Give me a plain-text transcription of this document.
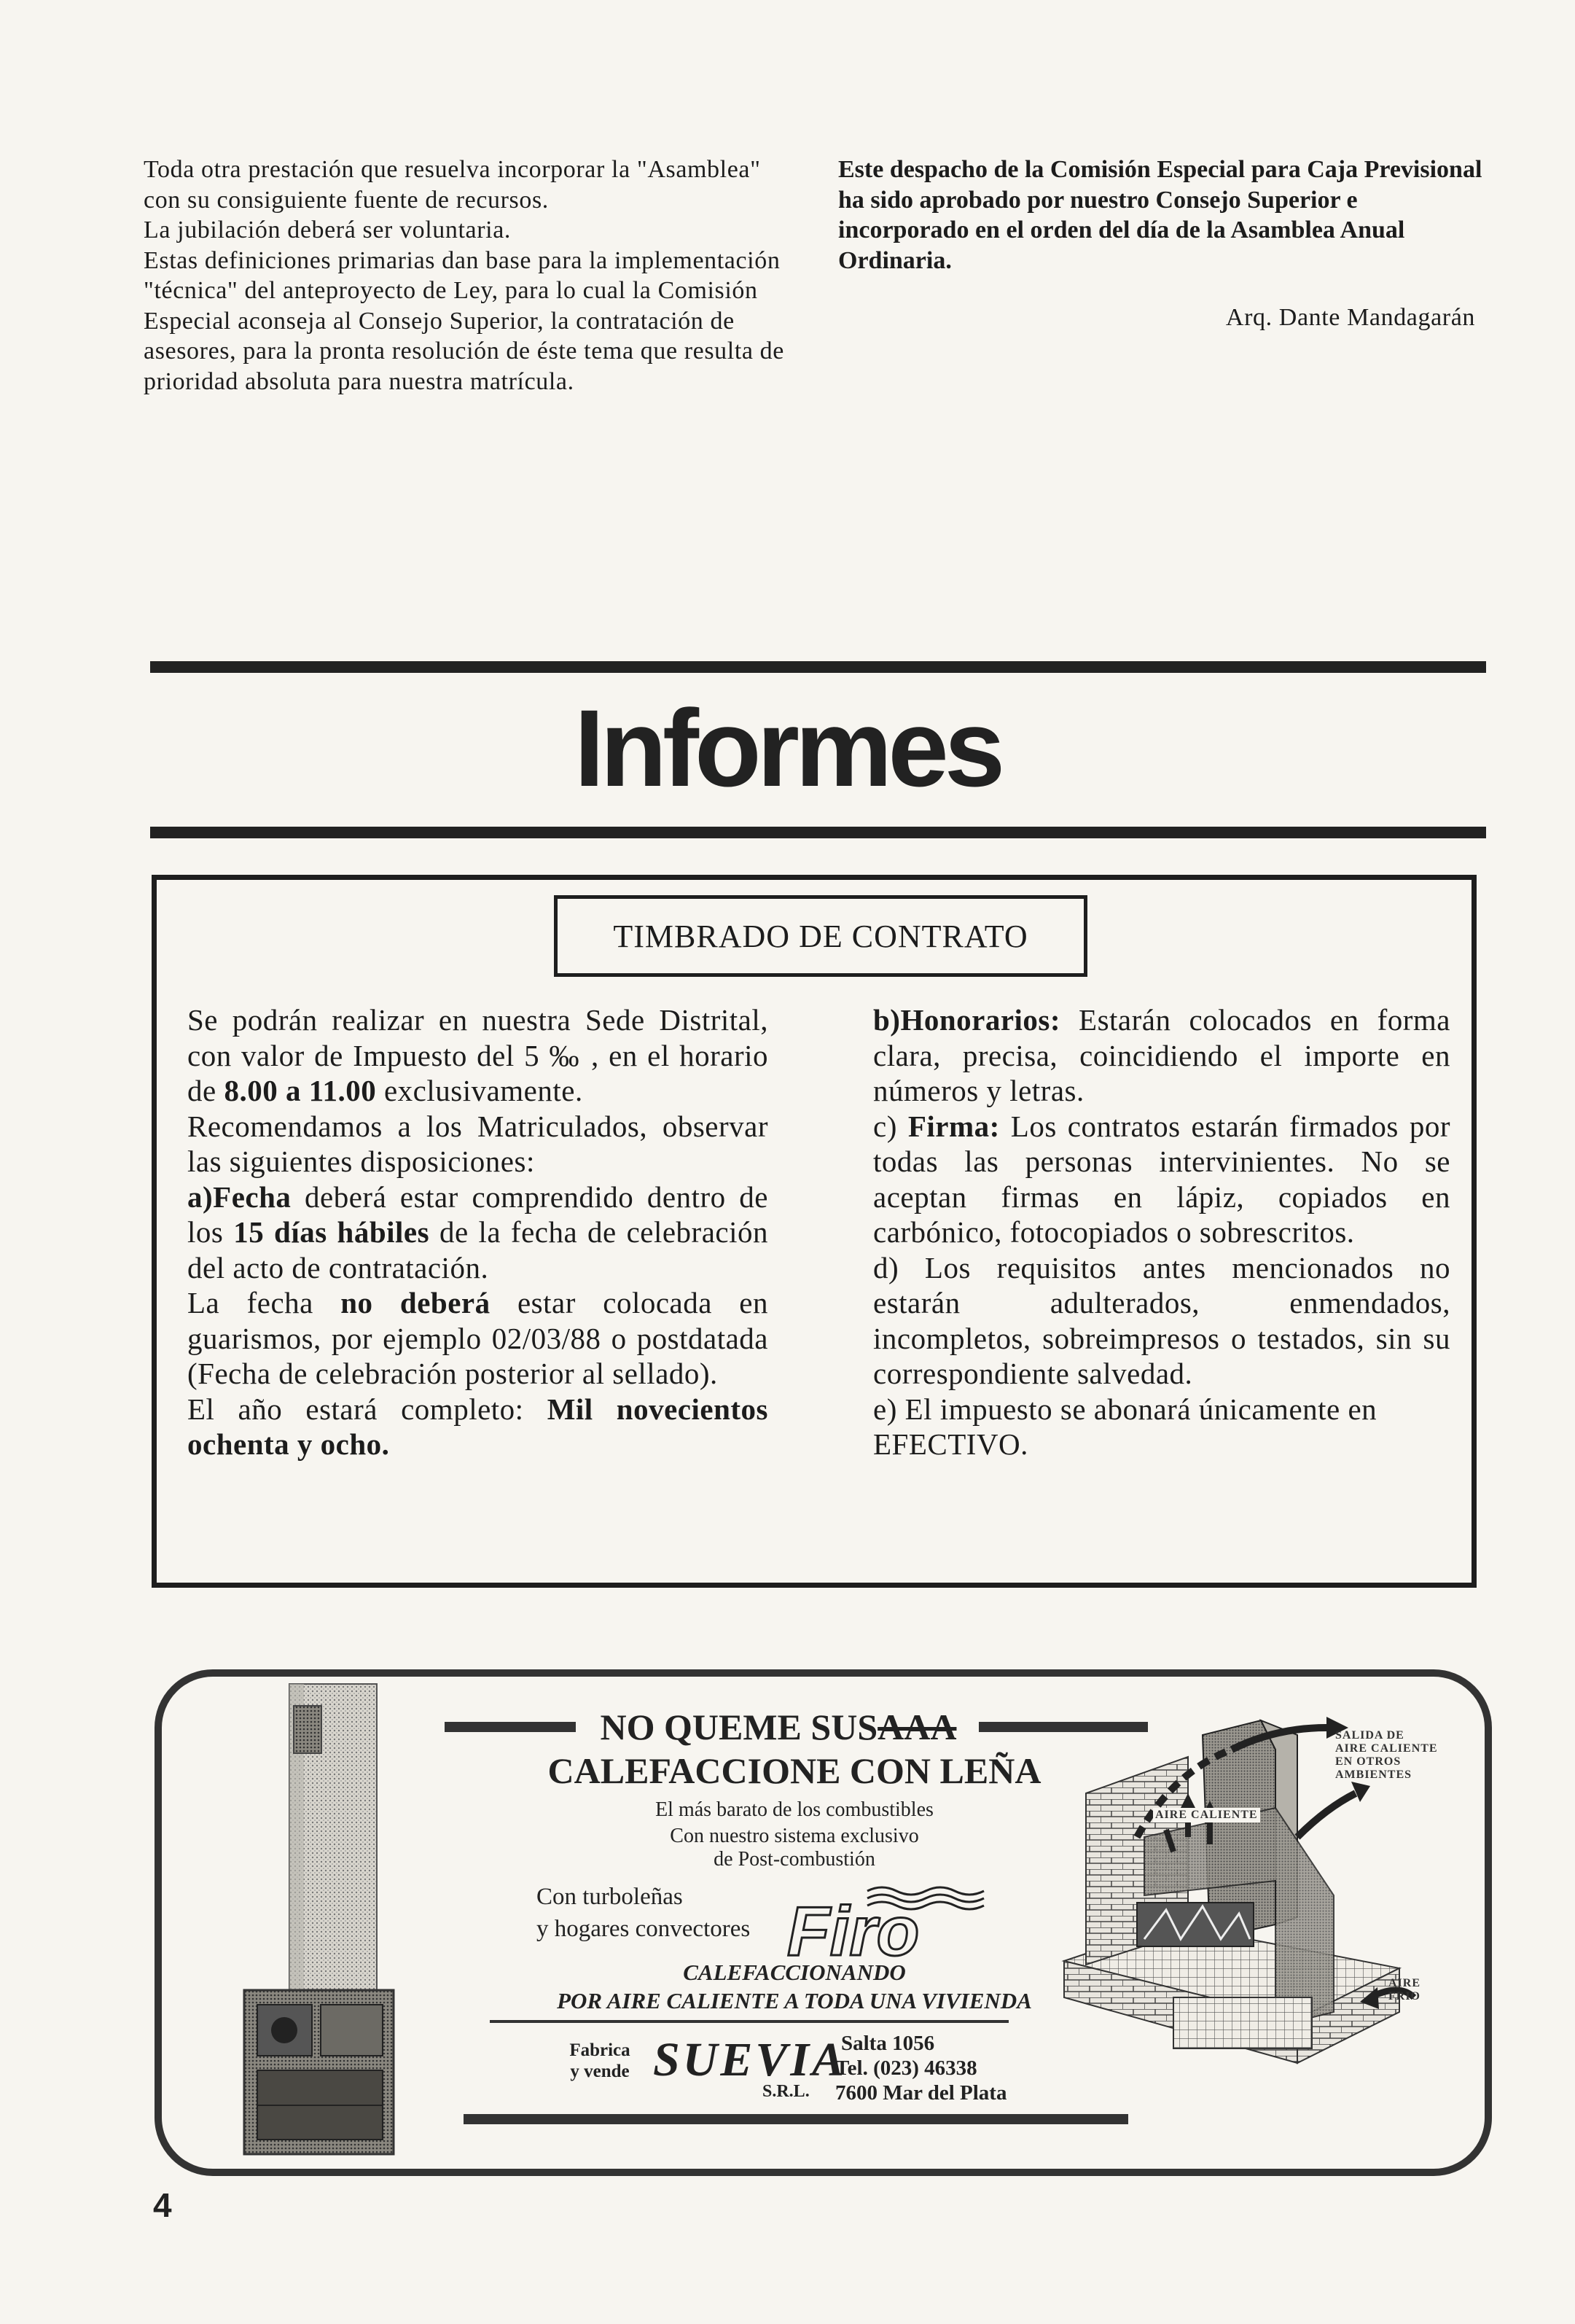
Toda otra prestación que resuelva incorporar la "Asamblea" con su consiguiente fuente de recursos.

La jubilación deberá ser voluntaria.

Estas definiciones primarias dan base para la implementación "técnica" del anteproyecto de Ley, para lo cual la Comisión Especial aconseja al Consejo Superior, la contratación de asesores, para la pronta resolución de éste tema que resulta de prioridad absoluta para nuestra matrícula.

Este despacho de la Comisión Especial para Caja Previsional ha sido aprobado por nuestro Consejo Superior e incorporado en el orden del día de la Asamblea Anual Ordinaria.

Arq. Dante Mandagarán
Informes
TIMBRADO DE CONTRATO

Se podrán realizar en nuestra Sede Distrital, con valor de Impuesto del 5 ‰ , en el horario de 8.00 a 11.00 exclusivamente.

Recomendamos a los Matriculados, observar las siguientes disposiciones:

a)Fecha deberá estar comprendido dentro de los 15 días hábiles de la fecha de celebración del acto de contratación.

La fecha no deberá estar colocada en guarismos, por ejemplo 02/03/88 o postdatada (Fecha de celebración posterior al sellado).

El año estará completo: Mil novecientos ochenta y ocho.

b)Honorarios: Estarán colocados en forma clara, precisa, coincidiendo el importe en números y letras.

c) Firma: Los contratos estarán firmados por todas las personas intervinientes. No se aceptan firmas en lápiz, copiados en carbónico, fotocopiados o sobrescritos.

d) Los requisitos antes mencionados no estarán adulterados, enmendados, incompletos, sobreimpresos o testados, sin su correspondiente salvedad.

e) El impuesto se abonará únicamente en EFECTIVO.

NO QUEME SUSAAA
CALEFACCIONE CON LEÑA
El más barato de los combustibles
Con nuestro sistema exclusivo
de Post-combustión
Con turboleñas
y hogares convectores Firo
CALEFACCIONANDO
POR AIRE CALIENTE A TODA UNA VIVIENDA
Fabrica
y vende SUEVIA
S.R.L.
Salta 1056
Tel. (023) 46338
7600 Mar del Plata
SALIDA DE
AIRE CALIENTE
EN OTROS
AMBIENTES
AIRE CALIENTE
AIRE
FRIO
4
